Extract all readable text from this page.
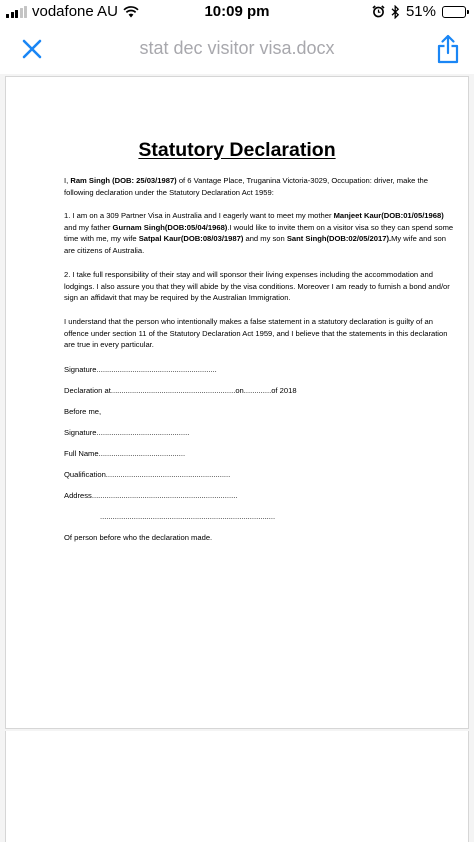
vodafone AU	10:09 pm	51%
stat dec visitor visa.docx
Statutory Declaration
I, Ram Singh (DOB: 25/03/1987) of 6 Vantage Place, Truganina Victoria-3029, Occupation: driver, make the following declaration under the Statutory Declaration Act 1959:
1. I am on a 309 Partner Visa in Australia and I eagerly want to meet my mother Manjeet Kaur(DOB:01/05/1968) and my father Gurnam Singh(DOB:05/04/1968).I would like to invite them on a visitor visa so they can spend some time with me, my wife Satpal Kaur(DOB:08/03/1987) and my son Sant Singh(DOB:02/05/2017).My wife and son are citizens of Australia.
2. I take full responsibility of their stay and will sponsor their living expenses including the accommodation and lodgings. I also assure you that they will abide by the visa conditions. Moreover I am ready to furnish a bond and/or sign an affidavit that may be required by the Australian Immigration.
I understand that the person who intentionally makes a false statement in a statutory declaration is guilty of an offence under section 11 of the Statutory Declaration Act 1959, and I believe that the statements in this declaration are true in every particular.
Signature.........................................................
Declaration at...........................................................on.............of 2018
Before me,
Signature............................................
Full Name.........................................
Qualification...........................................................
Address.....................................................................
...................................................................................
Of person before who the declaration made.
